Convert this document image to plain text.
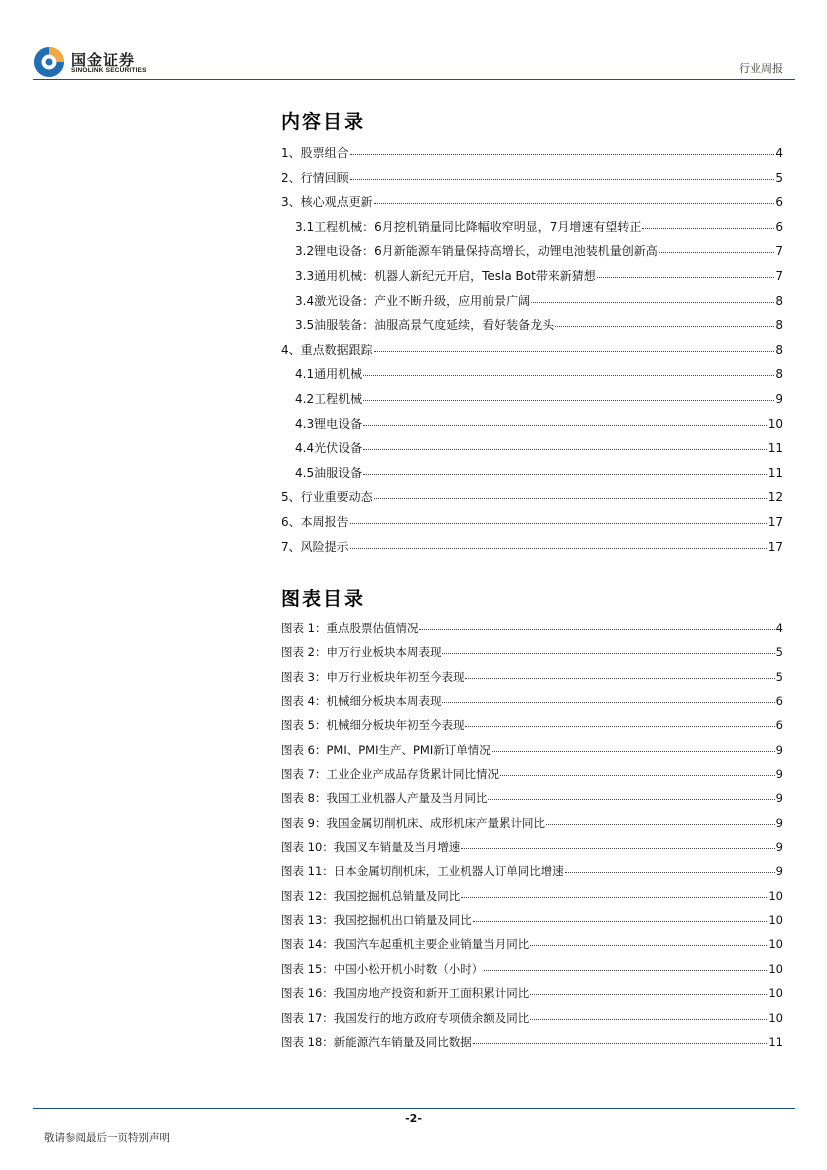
国金证券
SINOLINK SECURITIES	行业周报
内容目录
1、 股票组合	4
2、 行情回顾	5
3、 核心观点更新	6
3.1 工程机械：6月挖机销量同比降幅收窄明显，7月增速有望转正	6
3.2 锂电设备：6月新能源车销量保持高增长，动锂电池装机量创新高	7
3.3 通用机械：机器人新纪元开启，Tesla Bot带来新猜想	7
3.4 激光设备：产业不断升级，应用前景广阔	8
3.5 油服装备：油服高景气度延续，看好装备龙头	8
4、 重点数据跟踪	8
4.1 通用机械	8
4.2 工程机械	9
4.3 锂电设备	10
4.4 光伏设备	11
4.5 油服设备	11
5、 行业重要动态	12
6、 本周报告	17
7、 风险提示	17
图表目录
图表 1：重点股票估值情况	4
图表 2：申万行业板块本周表现	5
图表 3：申万行业板块年初至今表现	5
图表 4：机械细分板块本周表现	6
图表 5：机械细分板块年初至今表现	6
图表 6：PMI、PMI生产、PMI新订单情况	9
图表 7：工业企业产成品存货累计同比情况	9
图表 8：我国工业机器人产量及当月同比	9
图表 9：我国金属切削机床、成形机床产量累计同比	9
图表 10：我国叉车销量及当月增速	9
图表 11：日本金属切削机床，工业机器人订单同比增速	9
图表 12：我国挖掘机总销量及同比	10
图表 13：我国挖掘机出口销量及同比	10
图表 14：我国汽车起重机主要企业销量当月同比	10
图表 15：中国小松开机小时数（小时）	10
图表 16：我国房地产投资和新开工面积累计同比	10
图表 17：我国发行的地方政府专项债余额及同比	10
图表 18：新能源汽车销量及同比数据	11
-2-
敬请参阅最后一页特别声明
